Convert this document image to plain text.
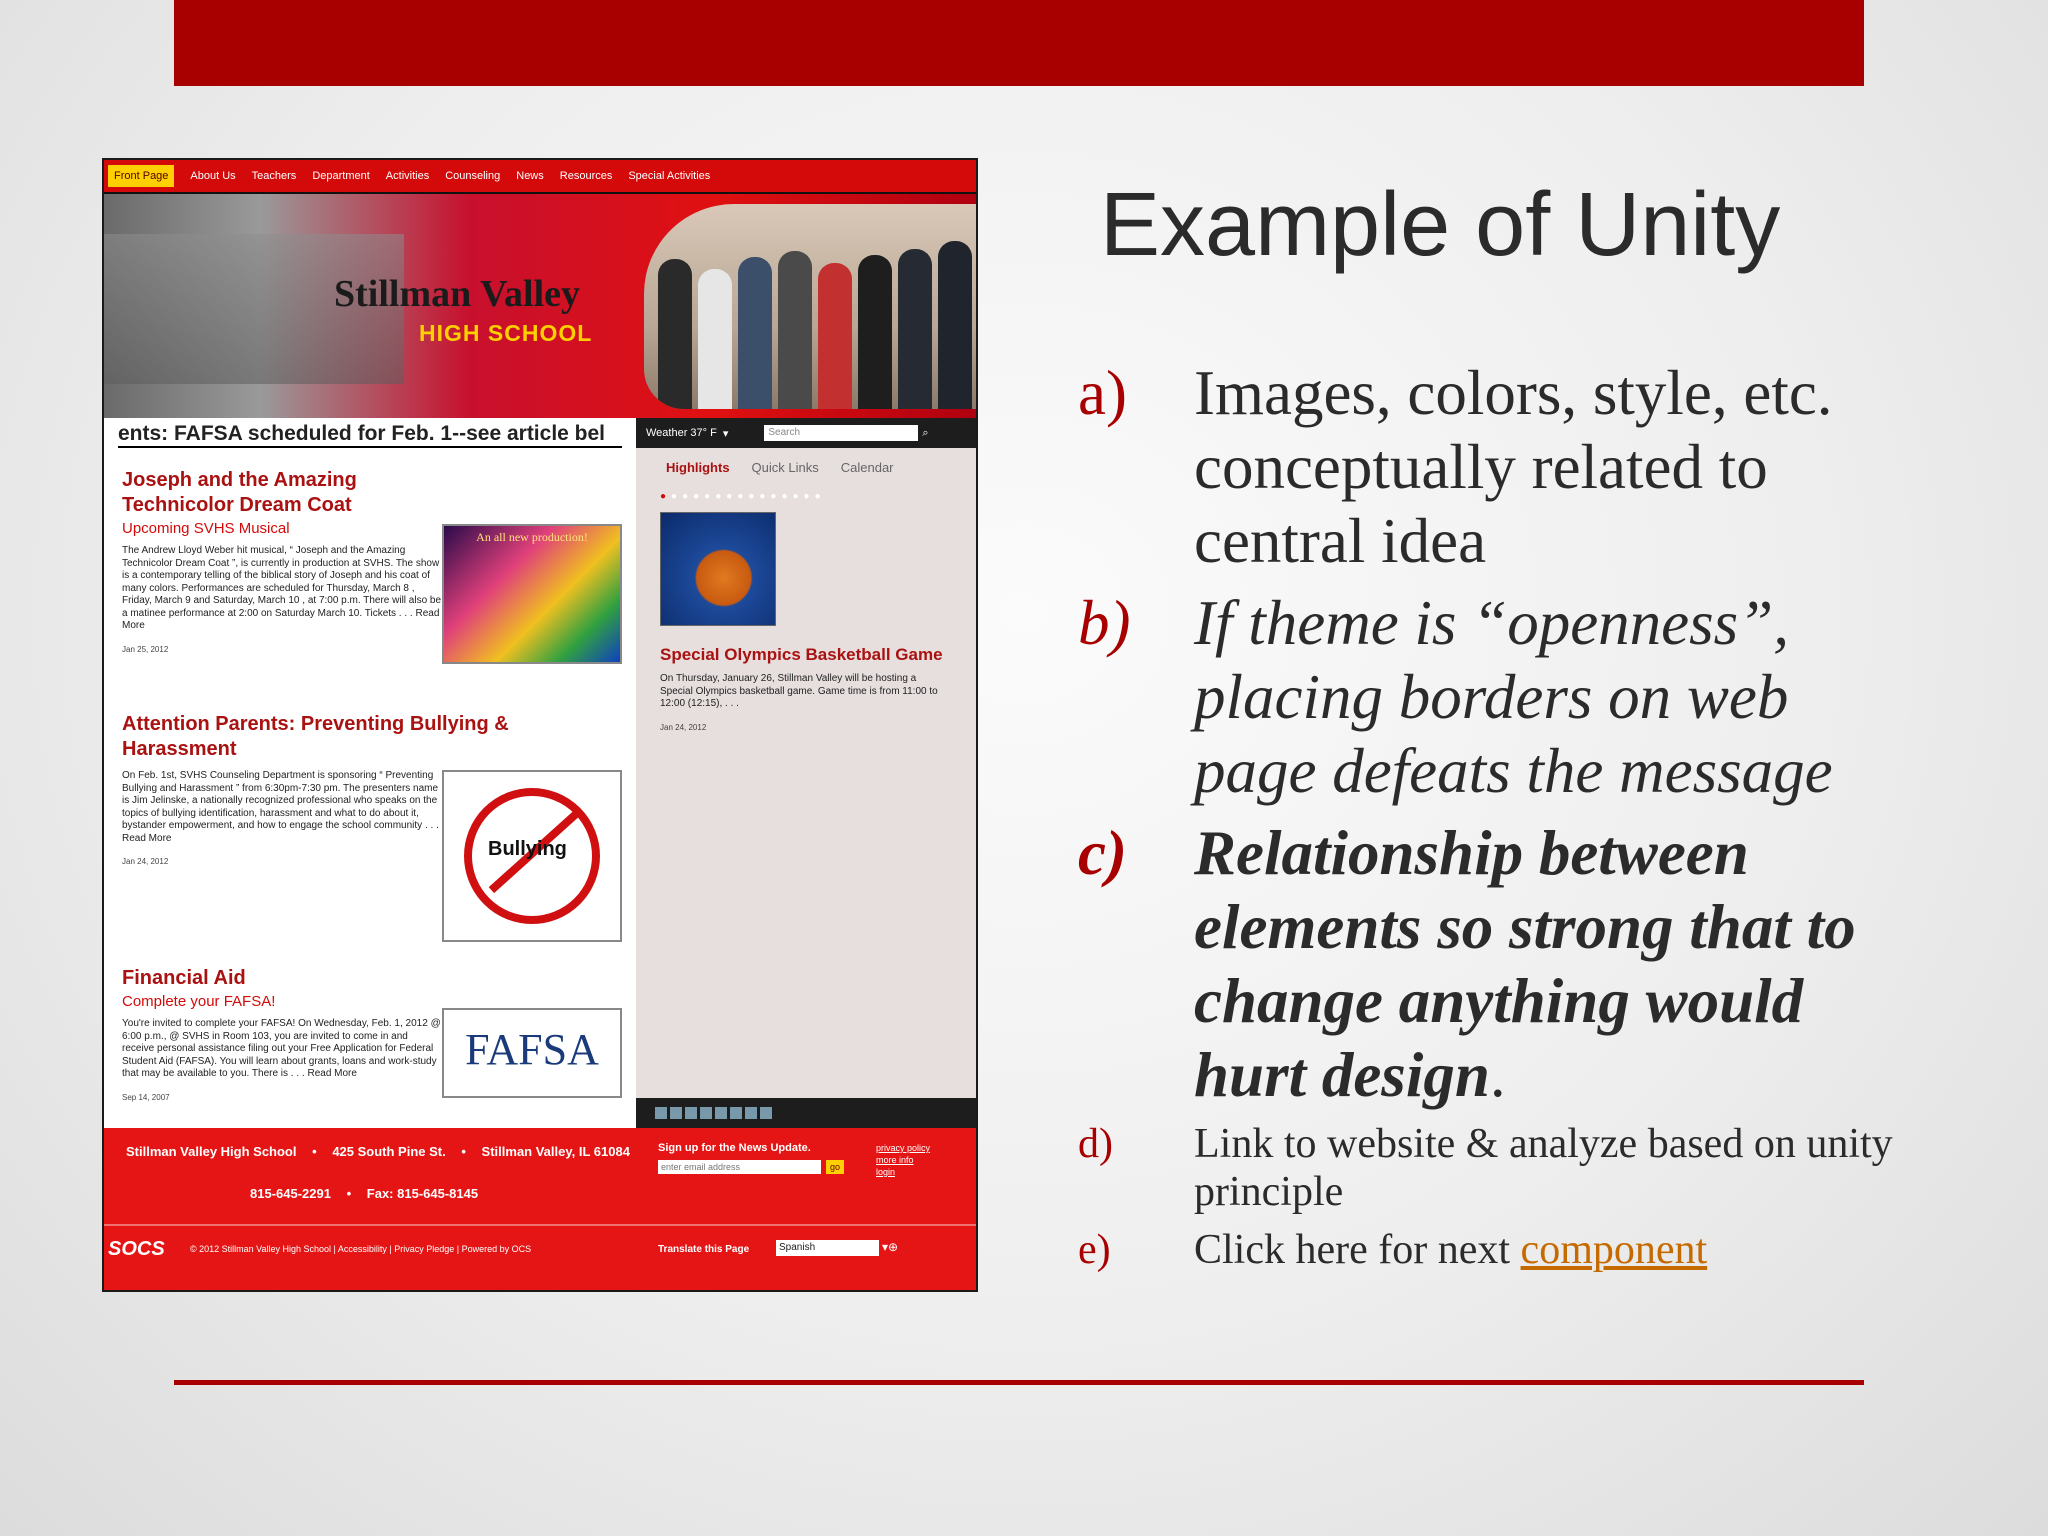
Front Page	About Us Teachers Department Activities Counseling News Resources Special Activities
Stillman Valley
HIGH SCHOOL
ents: FAFSA scheduled for Feb. 1--see article bel
Joseph and the Amazing Technicolor Dream Coat
Upcoming SVHS Musical

The Andrew Lloyd Weber hit musical, “ Joseph and the Amazing Technicolor Dream Coat ”, is currently in production at SVHS. The show is a contemporary telling of the biblical story of Joseph and his coat of many colors. Performances are scheduled for Thursday, March 8 , Friday, March 9 and Saturday, March 10 , at 7:00 p.m. There will also be a matinee performance at 2:00 on Saturday March 10. Tickets . . . Read More

Jan 25, 2012
An all new production!
Attention Parents: Preventing Bullying & Harassment

On Feb. 1st, SVHS Counseling Department is sponsoring “ Preventing Bullying and Harassment ” from 6:30pm-7:30 pm. The presenters name is Jim Jelinske, a nationally recognized professional who speaks on the topics of bullying identification, harassment and what to do about it, bystander empowerment, and how to engage the school community . . . Read More

Jan 24, 2012
Bullying
Financial Aid
Complete your FAFSA!

You're invited to complete your FAFSA! On Wednesday, Feb. 1, 2012 @ 6:00 p.m., @ SVHS in Room 103, you are invited to come in and receive personal assistance filing out your Free Application for Federal Student Aid (FAFSA). You will learn about grants, loans and work-study that may be available to you. There is . . . Read More

Sep 14, 2007
FAFSA
Weather 37° F ▾	Search	⌕
Highlights Quick Links Calendar
●●●●●●●●●●●●●●●
Special Olympics Basketball Game
On Thursday, January 26, Stillman Valley will be hosting a Special Olympics basketball game. Game time is from 11:00 to 12:00 (12:15), . . .
Jan 24, 2012

Stillman Valley High School • 425 South Pine St. • Stillman Valley, IL 61084
815-645-2291 • Fax: 815-645-8145
Sign up for the News Update.
enter email address	go
privacy policy
more info
login
SOCS	© 2012 Stillman Valley High School | Accessibility | Privacy Pledge | Powered by OCS	Translate this Page	Spanish	▾⊕
Example of Unity
a)	Images, colors, style, etc. conceptually related to central idea
b)	If theme is “openness”, placing borders on web page defeats the message
c)	Relationship between elements so strong that to change anything would hurt design.
d)	Link to website & analyze based on unity principle
e)	Click here for next component
